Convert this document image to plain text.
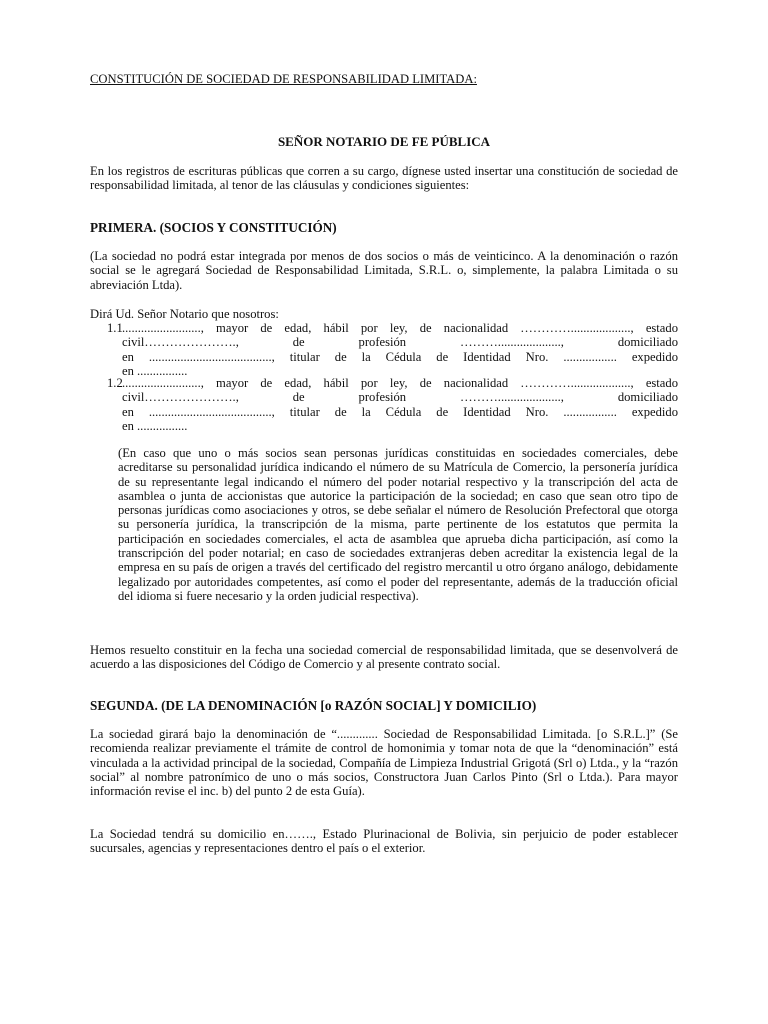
CONSTITUCIÓN DE SOCIEDAD DE RESPONSABILIDAD LIMITADA:
SEÑOR NOTARIO DE FE PÚBLICA

En los registros de escrituras públicas que corren a su cargo, dígnese usted insertar una constitución de sociedad de responsabilidad limitada, al tenor de las cláusulas y condiciones siguientes:

PRIMERA. (SOCIOS Y CONSTITUCIÓN)

(La sociedad no podrá estar integrada por menos de dos socios o más de veinticinco. A la denominación o razón social se le agregará Sociedad de Responsabilidad Limitada, S.R.L. o, simplemente, la palabra Limitada o su abreviación Ltda).

Dirá Ud. Señor Notario que nosotros:

1.1 ........................., mayor de edad, hábil por ley, de nacionalidad …………..................., estado
civil…………………., de profesión ………...................., domiciliado
en ......................................., titular de la Cédula de Identidad Nro. ................. expedido
en ................
1.2 ........................., mayor de edad, hábil por ley, de nacionalidad …………..................., estado
civil…………………., de profesión ………...................., domiciliado
en ......................................., titular de la Cédula de Identidad Nro. ................. expedido
en ................

(En caso que uno o más socios sean personas jurídicas constituidas en sociedades comerciales, debe acreditarse su personalidad jurídica indicando el número de su Matrícula de Comercio, la personería jurídica de su representante legal indicando el número del poder notarial respectivo y la transcripción del acta de asamblea o junta de accionistas que autorice la participación de la sociedad; en caso que sean otro tipo de personas jurídicas como asociaciones y otros, se debe señalar el número de Resolución Prefectoral que otorga su personería jurídica, la transcripción de la misma, parte pertinente de los estatutos que permita la participación en sociedades comerciales, el acta de asamblea que aprueba dicha participación, así como la transcripción del poder notarial; en caso de sociedades extranjeras deben acreditar la existencia legal de la empresa en su país de origen a través del certificado del registro mercantil u otro órgano análogo, debidamente legalizado por autoridades competentes, así como el poder del representante, además de la traducción oficial del idioma si fuere necesario y la orden judicial respectiva).

Hemos resuelto constituir en la fecha una sociedad comercial de responsabilidad limitada, que se desenvolverá de acuerdo a las disposiciones del Código de Comercio y al presente contrato social.

SEGUNDA. (DE LA DENOMINACIÓN [o RAZÓN SOCIAL] Y DOMICILIO)

La sociedad girará bajo la denominación de “............. Sociedad de Responsabilidad Limitada. [o S.R.L.]” (Se recomienda realizar previamente el trámite de control de homonimia y tomar nota de que la “denominación” está vinculada a la actividad principal de la sociedad, Compañía de Limpieza Industrial Grigotá (Srl o) Ltda., y la “razón social” al nombre patronímico de uno o más socios, Constructora Juan Carlos Pinto (Srl o Ltda.). Para mayor información revise el inc. b) del punto 2 de esta Guía).

La Sociedad tendrá su domicilio en……., Estado Plurinacional de Bolivia, sin perjuicio de poder establecer sucursales, agencias y representaciones dentro el país o el exterior.
